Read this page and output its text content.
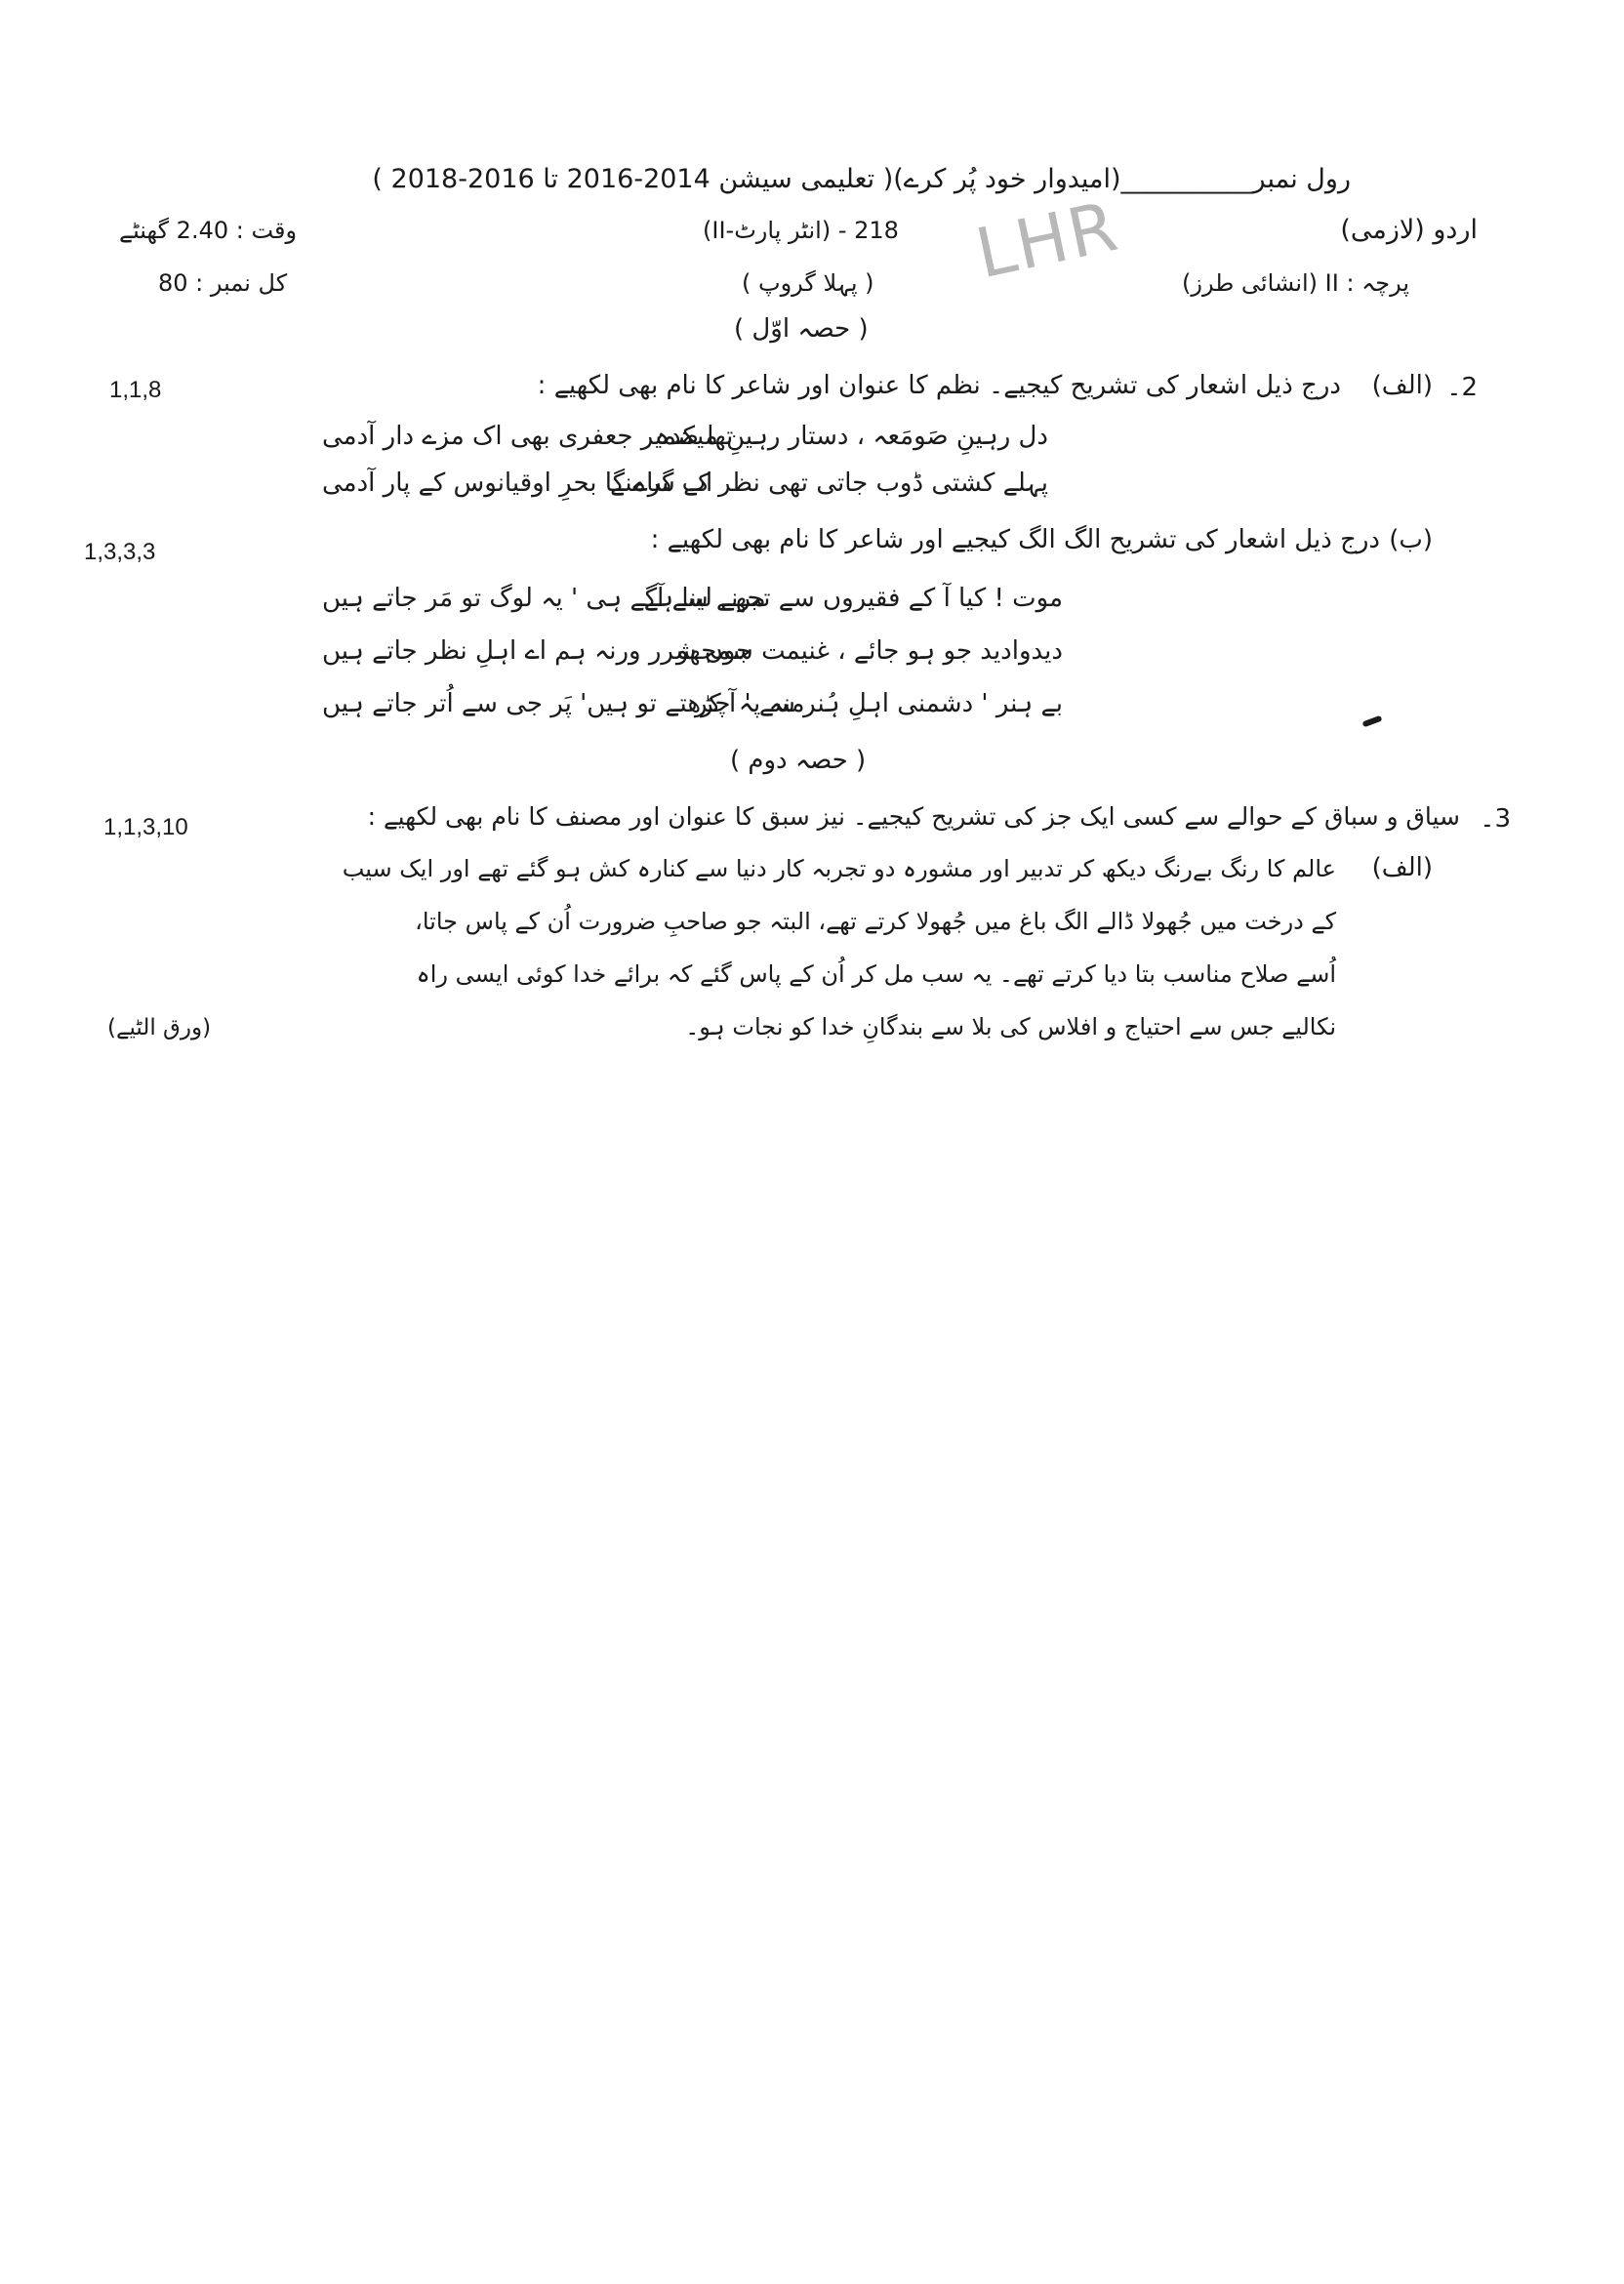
LHR
رول نمبر__________(امیدوار خود پُر کرے)( تعلیمی سیشن 2014-2016 تا 2016-2018 )
اردو (لازمی)
218 - (انٹر پارٹ-II)
وقت : 2.40 گھنٹے
پرچہ : II (انشائی طرز)
( پہلا گروپ )
کل نمبر : 80
( حصہ اوّل )
2۔
(الف)
درج ذیل اشعار کی تشریح کیجیے۔ نظم کا عنوان اور شاعر کا نام بھی لکھیے :
1,1,8
دل رہینِ صَومَعہ ، دستار رہینِ میکدہ
تھا ضمیر جعفری بھی اک مزے دار آدمی
پہلے کشتی ڈوب جاتی تھی نظر کے سامنے
اب گرے گا بحرِ اوقیانوس کے پار آدمی
(ب)
درج ذیل اشعار کی تشریح الگ الگ کیجیے اور شاعر کا نام بھی لکھیے :
1,3,3,3
موت ! کیا آ کے فقیروں سے تجھے لینا ہے
مرنے سے آگے ہی ' یہ لوگ تو مَر جاتے ہیں
دیدوادید جو ہو جائے ، غنیمت سمجھو
جوں شرر ورنہ ہم اے اہلِ نظر جاتے ہیں
بے ہنر ' دشمنی اہلِ ہُنر سے ' آ کر
منہ پہ چڑھتے تو ہیں' پَر جی سے اُتر جاتے ہیں
( حصہ دوم )
3۔
سیاق و سباق کے حوالے سے کسی ایک جز کی تشریح کیجیے۔ نیز سبق کا عنوان اور مصنف کا نام بھی لکھیے :
1,1,3,10
(الف)
عالم کا رنگ بےرنگ دیکھ کر تدبیر اور مشورہ دو تجربہ کار دنیا سے کنارہ کش ہو گئے تھے اور ایک سیب
کے درخت میں جُھولا ڈالے الگ باغ میں جُھولا کرتے تھے، البتہ جو صاحبِ ضرورت اُن کے پاس جاتا،
اُسے صلاح مناسب بتا دیا کرتے تھے۔ یہ سب مل کر اُن کے پاس گئے کہ برائے خدا کوئی ایسی راہ
نکالیے جس سے احتیاج و افلاس کی بلا سے بندگانِ خدا کو نجات ہو۔
(ورق الٹیے)
